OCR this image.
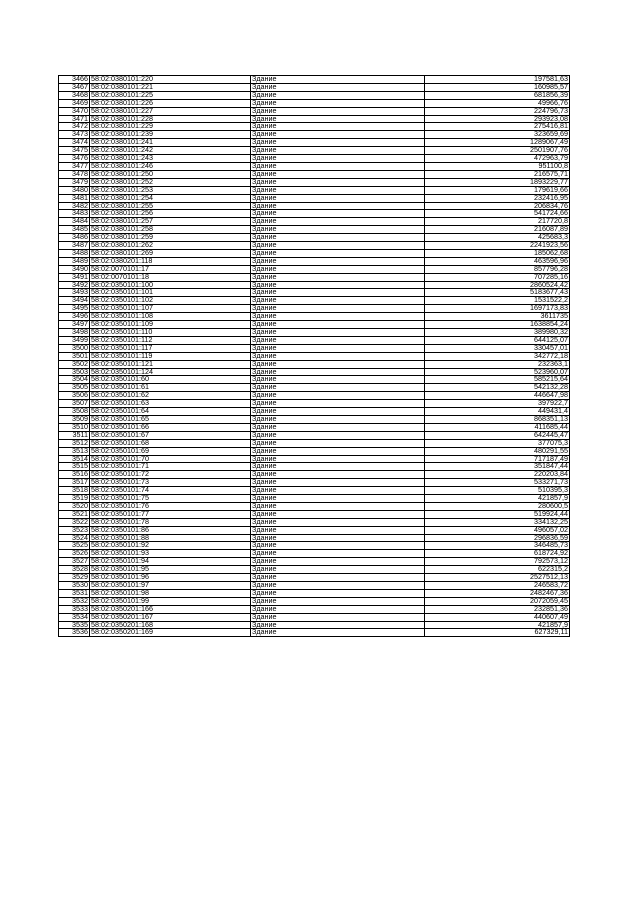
3466	58:02:0380101:220	Здание	197581,63
3467	58:02:0380101:221	Здание	160985,57
3468	58:02:0380101:225	Здание	681856,39
3469	58:02:0380101:226	Здание	49966,76
3470	58:02:0380101:227	Здание	224796,73
3471	58:02:0380101:228	Здание	293923,08
3472	58:02:0380101:229	Здание	275416,81
3473	58:02:0380101:239	Здание	323659,69
3474	58:02:0380101:241	Здание	1289067,49
3475	58:02:0380101:242	Здание	2501907,76
3476	58:02:0380101:243	Здание	472963,79
3477	58:02:0380101:246	Здание	951100,8
3478	58:02:0380101:250	Здание	216575,71
3479	58:02:0380101:252	Здание	1893229,77
3480	58:02:0380101:253	Здание	179619,66
3481	58:02:0380101:254	Здание	232416,95
3482	58:02:0380101:255	Здание	206834,76
3483	58:02:0380101:256	Здание	541724,66
3484	58:02:0380101:257	Здание	217720,8
3485	58:02:0380101:258	Здание	216087,89
3486	58:02:0380101:259	Здание	425683,3
3487	58:02:0380101:262	Здание	2241923,56
3488	58:02:0380101:269	Здание	185062,68
3489	58:02:0380201:118	Здание	463596,96
3490	58:02:0070101:17	Здание	857796,28
3491	58:02:0070101:18	Здание	707285,16
3492	58:02:0350101:100	Здание	2860524,42
3493	58:02:0350101:101	Здание	5183677,43
3494	58:02:0350101:102	Здание	1531522,2
3495	58:02:0350101:107	Здание	1697173,83
3496	58:02:0350101:108	Здание	3611735
3497	58:02:0350101:109	Здание	1638854,24
3498	58:02:0350101:110	Здание	389980,32
3499	58:02:0350101:112	Здание	644125,07
3500	58:02:0350101:117	Здание	330457,01
3501	58:02:0350101:119	Здание	342772,18
3502	58:02:0350101:121	Здание	232363,1
3503	58:02:0350101:124	Здание	523960,07
3504	58:02:0350101:60	Здание	585215,64
3505	58:02:0350101:61	Здание	542132,28
3506	58:02:0350101:62	Здание	446647,98
3507	58:02:0350101:63	Здание	397922,7
3508	58:02:0350101:64	Здание	449431,4
3509	58:02:0350101:65	Здание	868351,13
3510	58:02:0350101:66	Здание	411685,44
3511	58:02:0350101:67	Здание	642445,47
3512	58:02:0350101:68	Здание	377075,3
3513	58:02:0350101:69	Здание	480291,55
3514	58:02:0350101:70	Здание	717187,49
3515	58:02:0350101:71	Здание	351847,44
3516	58:02:0350101:72	Здание	220203,84
3517	58:02:0350101:73	Здание	533271,73
3518	58:02:0350101:74	Здание	510395,3
3519	58:02:0350101:75	Здание	421857,9
3520	58:02:0350101:76	Здание	280600,5
3521	58:02:0350101:77	Здание	519924,44
3522	58:02:0350101:78	Здание	334132,25
3523	58:02:0350101:86	Здание	496057,02
3524	58:02:0350101:88	Здание	296836,59
3525	58:02:0350101:92	Здание	346485,73
3526	58:02:0350101:93	Здание	618724,92
3527	58:02:0350101:94	Здание	792573,12
3528	58:02:0350101:95	Здание	622315,2
3529	58:02:0350101:96	Здание	2527512,13
3530	58:02:0350101:97	Здание	246583,72
3531	58:02:0350101:98	Здание	2482467,36
3532	58:02:0350101:99	Здание	2072059,45
3533	58:02:0350201:166	Здание	232851,36
3534	58:02:0350201:167	Здание	440607,49
3535	58:02:0350201:168	Здание	421857,9
3536	58:02:0350201:169	Здание	627329,11
